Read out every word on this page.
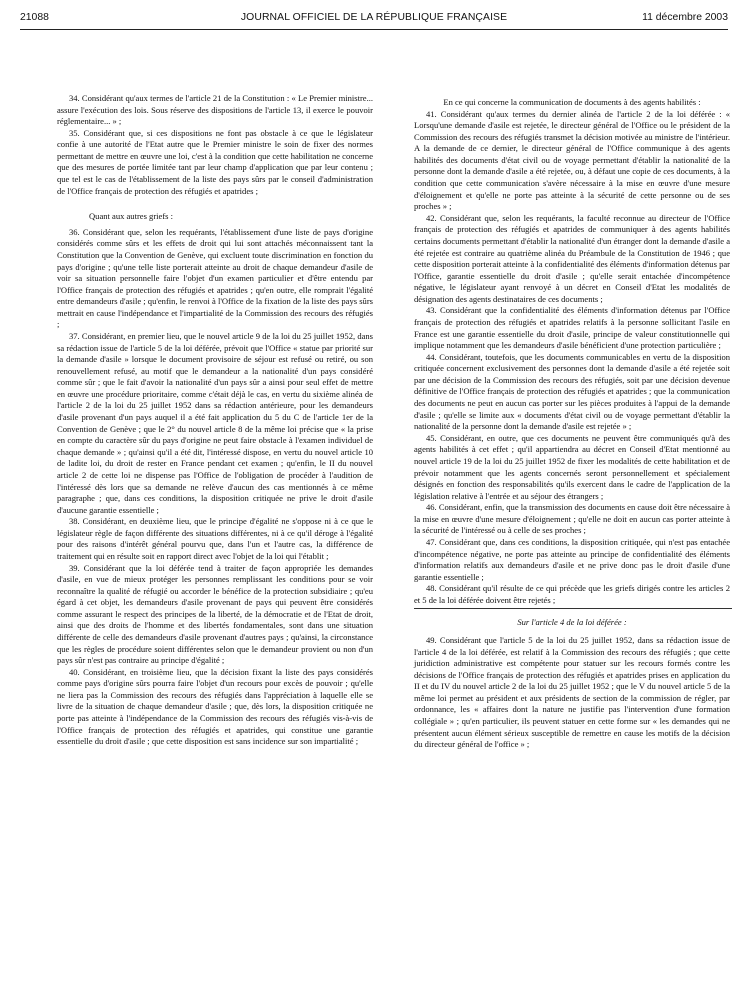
21088	JOURNAL OFFICIEL DE LA RÉPUBLIQUE FRANÇAISE	11 décembre 2003

34. Considérant qu'aux termes de l'article 21 de la Constitution : « Le Premier ministre... assure l'exécution des lois. Sous réserve des dispositions de l'article 13, il exerce le pouvoir réglementaire... » ;

35. Considérant que, si ces dispositions ne font pas obstacle à ce que le législateur confie à une autorité de l'Etat autre que le Premier ministre le soin de fixer des normes permettant de mettre en œuvre une loi, c'est à la condition que cette habilitation ne concerne que des mesures de portée limitée tant par leur champ d'application que par leur contenu ; que tel est le cas de l'établissement de la liste des pays sûrs par le conseil d'administration de l'Office français de protection des réfugiés et apatrides ;

Quant aux autres griefs :

36. Considérant que, selon les requérants, l'établissement d'une liste de pays d'origine considérés comme sûrs et les effets de droit qui lui sont attachés méconnaissent tant la Constitution que la Convention de Genève, qui excluent toute discrimination en fonction du pays d'origine ; qu'une telle liste porterait atteinte au droit de chaque demandeur d'asile de voir sa situation personnelle faire l'objet d'un examen particulier et d'être entendu par l'Office français de protection des réfugiés et apatrides ; qu'en outre, elle romprait l'égalité entre demandeurs d'asile ; qu'enfin, le renvoi à l'Office de la fixation de la liste des pays sûrs mettrait en cause l'indépendance et l'impartialité de la Commission des recours des réfugiés ;

37. Considérant, en premier lieu, que le nouvel article 9 de la loi du 25 juillet 1952, dans sa rédaction issue de l'article 5 de la loi déférée, prévoit que l'Office « statue par priorité sur la demande d'asile » lorsque le document provisoire de séjour est refusé ou retiré, ou son renouvellement refusé, au motif que le demandeur a la nationalité d'un pays considéré comme sûr ; que le fait d'avoir la nationalité d'un pays sûr a ainsi pour seul effet de mettre en œuvre une procédure prioritaire, comme c'était déjà le cas, en vertu du sixième alinéa de l'article 2 de la loi du 25 juillet 1952 dans sa rédaction antérieure, pour les demandeurs d'asile provenant d'un pays auquel il a été fait application du 5 du C de l'article 1er de la Convention de Genève ; que le 2° du nouvel article 8 de la même loi précise que « la prise en compte du caractère sûr du pays d'origine ne peut faire obstacle à l'examen individuel de chaque demande » ; qu'ainsi qu'il a été dit, l'intéressé dispose, en vertu du nouvel article 10 de ladite loi, du droit de rester en France pendant cet examen ; qu'enfin, le II du nouvel article 2 de cette loi ne dispense pas l'Office de l'obligation de procéder à l'audition de l'intéressé dès lors que sa demande ne relève d'aucun des cas mentionnés à ce même paragraphe ; que, dans ces conditions, la disposition critiquée ne prive le droit d'asile d'aucune garantie essentielle ;

38. Considérant, en deuxième lieu, que le principe d'égalité ne s'oppose ni à ce que le législateur règle de façon différente des situations différentes, ni à ce qu'il déroge à l'égalité pour des raisons d'intérêt général pourvu que, dans l'un et l'autre cas, la différence de traitement qui en résulte soit en rapport direct avec l'objet de la loi qui l'établit ;

39. Considérant que la loi déférée tend à traiter de façon appropriée les demandes d'asile, en vue de mieux protéger les personnes remplissant les conditions pour se voir reconnaître la qualité de réfugié ou accorder le bénéfice de la protection subsidiaire ; qu'eu égard à cet objet, les demandeurs d'asile provenant de pays qui peuvent être considérés comme assurant le respect des principes de la liberté, de la démocratie et de l'Etat de droit, ainsi que des droits de l'homme et des libertés fondamentales, sont dans une situation différente de celle des demandeurs d'asile provenant d'autres pays ; qu'ainsi, la circonstance que les règles de procédure soient différentes selon que le demandeur provient ou non d'un pays sûr n'est pas contraire au principe d'égalité ;

40. Considérant, en troisième lieu, que la décision fixant la liste des pays considérés comme pays d'origine sûrs pourra faire l'objet d'un recours pour excès de pouvoir ; qu'elle ne liera pas la Commission des recours des réfugiés dans l'appréciation à laquelle elle se livre de la situation de chaque demandeur d'asile ; que, dès lors, la disposition critiquée ne porte pas atteinte à l'indépendance de la Commission des recours des réfugiés vis-à-vis de l'Office français de protection des réfugiés et apatrides, qui constitue une garantie essentielle du droit d'asile ; que cette disposition est sans incidence sur son impartialité ;

En ce qui concerne la communication de documents à des agents habilités :

41. Considérant qu'aux termes du dernier alinéa de l'article 2 de la loi déférée : « Lorsqu'une demande d'asile est rejetée, le directeur général de l'Office ou le président de la Commission des recours des réfugiés transmet la décision motivée au ministre de l'intérieur. A la demande de ce dernier, le directeur général de l'Office communique à des agents habilités des documents d'état civil ou de voyage permettant d'établir la nationalité de la personne dont la demande d'asile a été rejetée, ou, à défaut une copie de ces documents, à la condition que cette communication s'avère nécessaire à la mise en œuvre d'une mesure d'éloignement et qu'elle ne porte pas atteinte à la sécurité de cette personne ou de ses proches » ;

42. Considérant que, selon les requérants, la faculté reconnue au directeur de l'Office français de protection des réfugiés et apatrides de communiquer à des agents habilités certains documents permettant d'établir la nationalité d'un étranger dont la demande d'asile a été rejetée est contraire au quatrième alinéa du Préambule de la Constitution de 1946 ; que cette disposition porterait atteinte à la confidentialité des éléments d'information détenus par l'Office, garantie essentielle du droit d'asile ; qu'elle serait entachée d'incompétence négative, le législateur ayant renvoyé à un décret en Conseil d'Etat les modalités de désignation des agents destinataires de ces documents ;

43. Considérant que la confidentialité des éléments d'information détenus par l'Office français de protection des réfugiés et apatrides relatifs à la personne sollicitant l'asile en France est une garantie essentielle du droit d'asile, principe de valeur constitutionnelle qui implique notamment que les demandeurs d'asile bénéficient d'une protection particulière ;

44. Considérant, toutefois, que les documents communicables en vertu de la disposition critiquée concernent exclusivement des personnes dont la demande d'asile a été rejetée soit par une décision de la Commission des recours des réfugiés, soit par une décision devenue définitive de l'Office français de protection des réfugiés et apatrides ; que la communication des documents ne peut en aucun cas porter sur les pièces produites à l'appui de la demande d'asile ; qu'elle se limite aux « documents d'état civil ou de voyage permettant d'établir la nationalité de la personne dont la demande d'asile est rejetée » ;

45. Considérant, en outre, que ces documents ne peuvent être communiqués qu'à des agents habilités à cet effet ; qu'il appartiendra au décret en Conseil d'Etat mentionné au nouvel article 19 de la loi du 25 juillet 1952 de fixer les modalités de cette habilitation et de prévoir notamment que les agents concernés seront personnellement et spécialement désignés en fonction des responsabilités qu'ils exercent dans le cadre de l'application de la législation relative à l'entrée et au séjour des étrangers ;

46. Considérant, enfin, que la transmission des documents en cause doit être nécessaire à la mise en œuvre d'une mesure d'éloignement ; qu'elle ne doit en aucun cas porter atteinte à la sécurité de l'intéressé ou à celle de ses proches ;

47. Considérant que, dans ces conditions, la disposition critiquée, qui n'est pas entachée d'incompétence négative, ne porte pas atteinte au principe de confidentialité des éléments d'information relatifs aux demandeurs d'asile et ne prive donc pas le droit d'asile d'une garantie essentielle ;

48. Considérant qu'il résulte de ce qui précède que les griefs dirigés contre les articles 2 et 5 de la loi déférée doivent être rejetés ;

Sur l'article 4 de la loi déférée :

49. Considérant que l'article 5 de la loi du 25 juillet 1952, dans sa rédaction issue de l'article 4 de la loi déférée, est relatif à la Commission des recours des réfugiés ; que cette juridiction administrative est compétente pour statuer sur les recours formés contre les décisions de l'Office français de protection des réfugiés et apatrides prises en application du II et du IV du nouvel article 2 de la loi du 25 juillet 1952 ; que le V du nouvel article 5 de la même loi permet au président et aux présidents de section de la commission de régler, par ordonnance, les « affaires dont la nature ne justifie pas l'intervention d'une formation collégiale » ; qu'en particulier, ils peuvent statuer en cette forme sur « les demandes qui ne présentent aucun élément sérieux susceptible de remettre en cause les motifs de la décision du directeur général de l'office » ;
